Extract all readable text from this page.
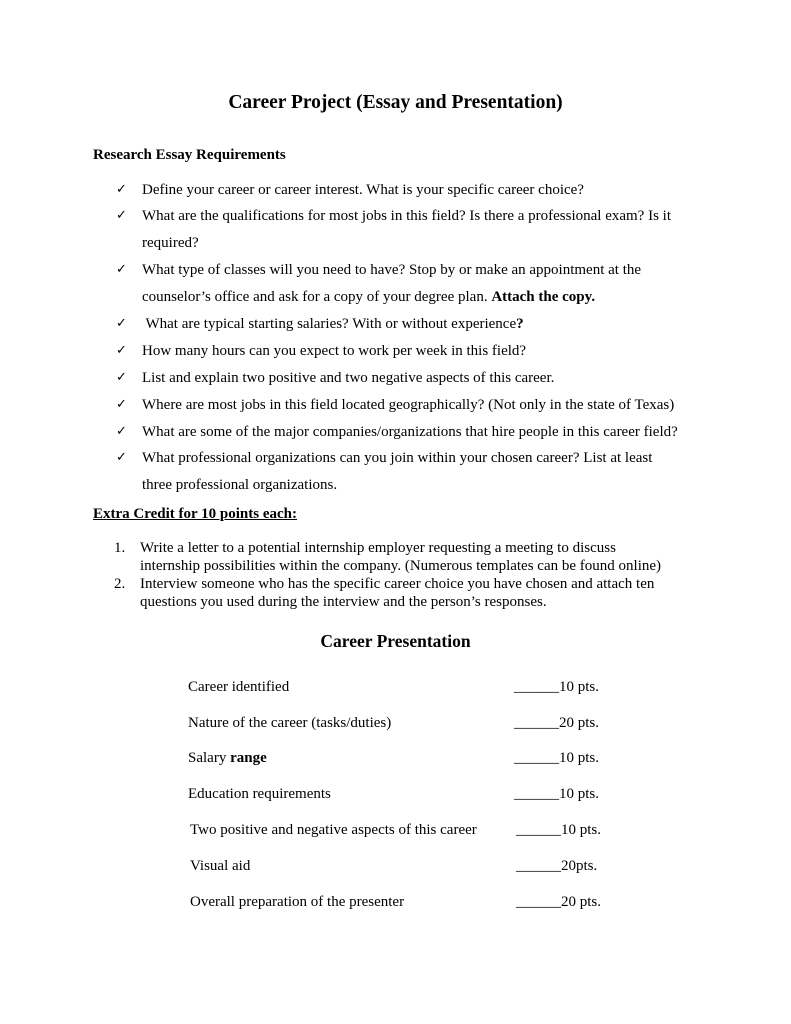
Career Project (Essay and Presentation)
Research Essay Requirements
✓ Define your career or career interest. What is your specific career choice?
✓ What are the qualifications for most jobs in this field? Is there a professional exam? Is it
required?
✓ What type of classes will you need to have? Stop by or make an appointment at the
counselor’s office and ask for a copy of your degree plan. Attach the copy.
✓ What are typical starting salaries? With or without experience?
✓ How many hours can you expect to work per week in this field?
✓ List and explain two positive and two negative aspects of this career.
✓ Where are most jobs in this field located geographically? (Not only in the state of Texas)
✓ What are some of the major companies/organizations that hire people in this career field?
✓ What professional organizations can you join within your chosen career? List at least
three professional organizations.
Extra Credit for 10 points each:
1. Write a letter to a potential internship employer requesting a meeting to discuss
internship possibilities within the company. (Numerous templates can be found online)
2. Interview someone who has the specific career choice you have chosen and attach ten
questions you used during the interview and the person’s responses.
Career Presentation
Career identified	______10 pts.
Nature of the career (tasks/duties)	______20 pts.
Salary range	______10 pts.
Education requirements	______10 pts.
Two positive and negative aspects of this career	______10 pts.
Visual aid	______20pts.
Overall preparation of the presenter	______20 pts.
